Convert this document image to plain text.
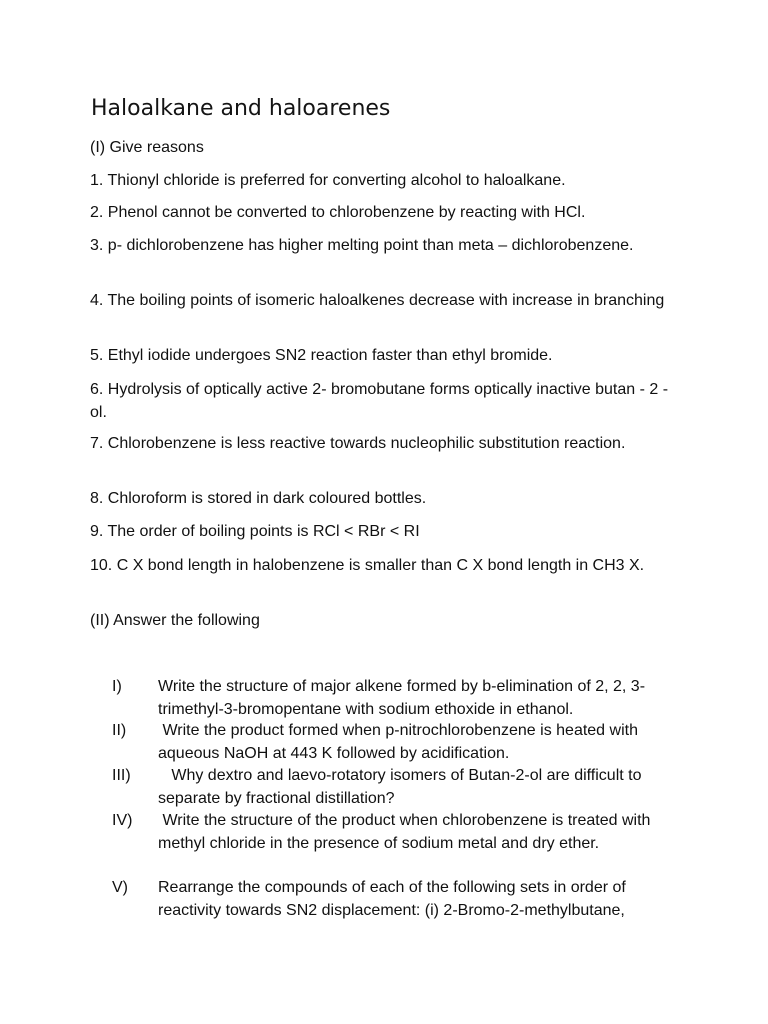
Haloalkane and haloarenes

(I) Give reasons

1. Thionyl chloride is preferred for converting alcohol to haloalkane.

2. Phenol cannot be converted to chlorobenzene by reacting with HCl.

3. p- dichlorobenzene has higher melting point than meta – dichlorobenzene.

4. The boiling points of isomeric haloalkenes decrease with increase in branching

5. Ethyl iodide undergoes SN2 reaction faster than ethyl bromide.

6. Hydrolysis of optically active 2- bromobutane forms optically inactive butan - 2 - ol.

7. Chlorobenzene is less reactive towards nucleophilic substitution reaction.

8. Chloroform is stored in dark coloured bottles.

9. The order of boiling points is RCl < RBr < RI

10. C X bond length in halobenzene is smaller than C X bond length in CH3 X.

(II) Answer the following

I) Write the structure of major alkene formed by b-elimination of 2, 2, 3-trimethyl-3-bromopentane with sodium ethoxide in ethanol.
II) Write the product formed when p-nitrochlorobenzene is heated with aqueous NaOH at 443 K followed by acidification.
III) Why dextro and laevo-rotatory isomers of Butan-2-ol are difficult to separate by fractional distillation?
IV) Write the structure of the product when chlorobenzene is treated with methyl chloride in the presence of sodium metal and dry ether.
V) Rearrange the compounds of each of the following sets in order of reactivity towards SN2 displacement: (i) 2-Bromo-2-methylbutane,
